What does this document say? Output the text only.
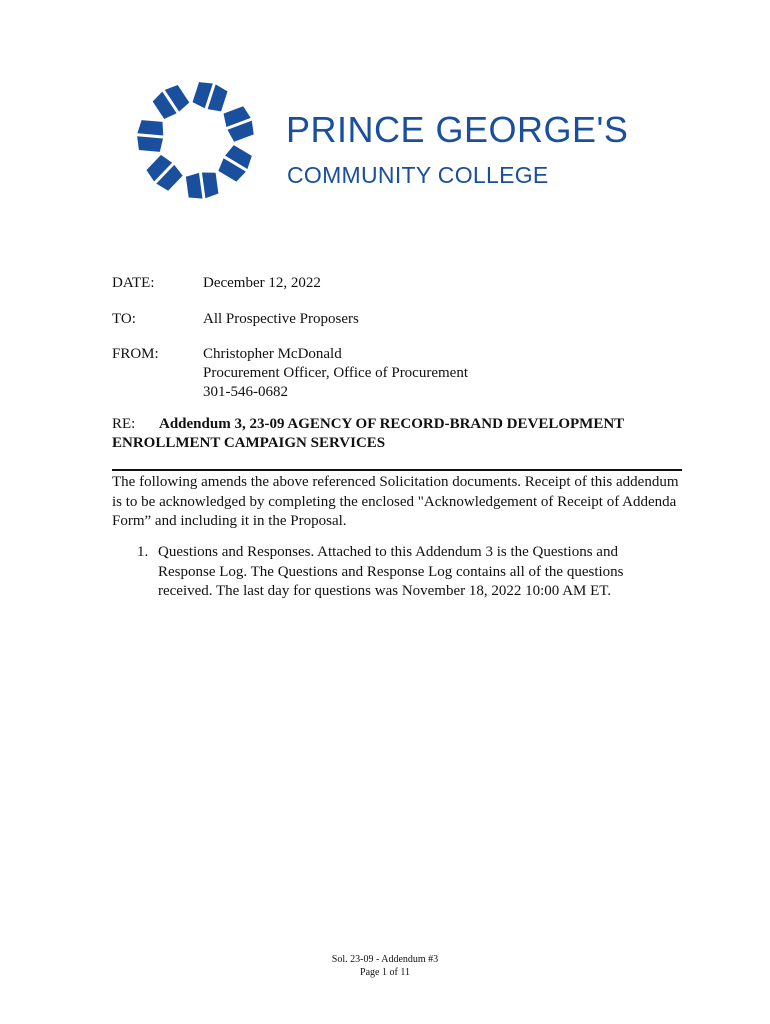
PRINCE GEORGE'S
COMMUNITY COLLEGE
DATE:	December 12, 2022
TO:	All Prospective Proposers
FROM:	Christopher McDonald
Procurement Officer, Office of Procurement
301-546-0682
RE: Addendum 3, 23-09 AGENCY OF RECORD-BRAND DEVELOPMENT ENROLLMENT CAMPAIGN SERVICES
The following amends the above referenced Solicitation documents. Receipt of this addendum is to be acknowledged by completing the enclosed "Acknowledgement of Receipt of Addenda Form” and including it in the Proposal.
1. Questions and Responses. Attached to this Addendum 3 is the Questions and Response Log. The Questions and Response Log contains all of the questions received. The last day for questions was November 18, 2022 10:00 AM ET.
Sol. 23-09 - Addendum #3
Page 1 of 11
